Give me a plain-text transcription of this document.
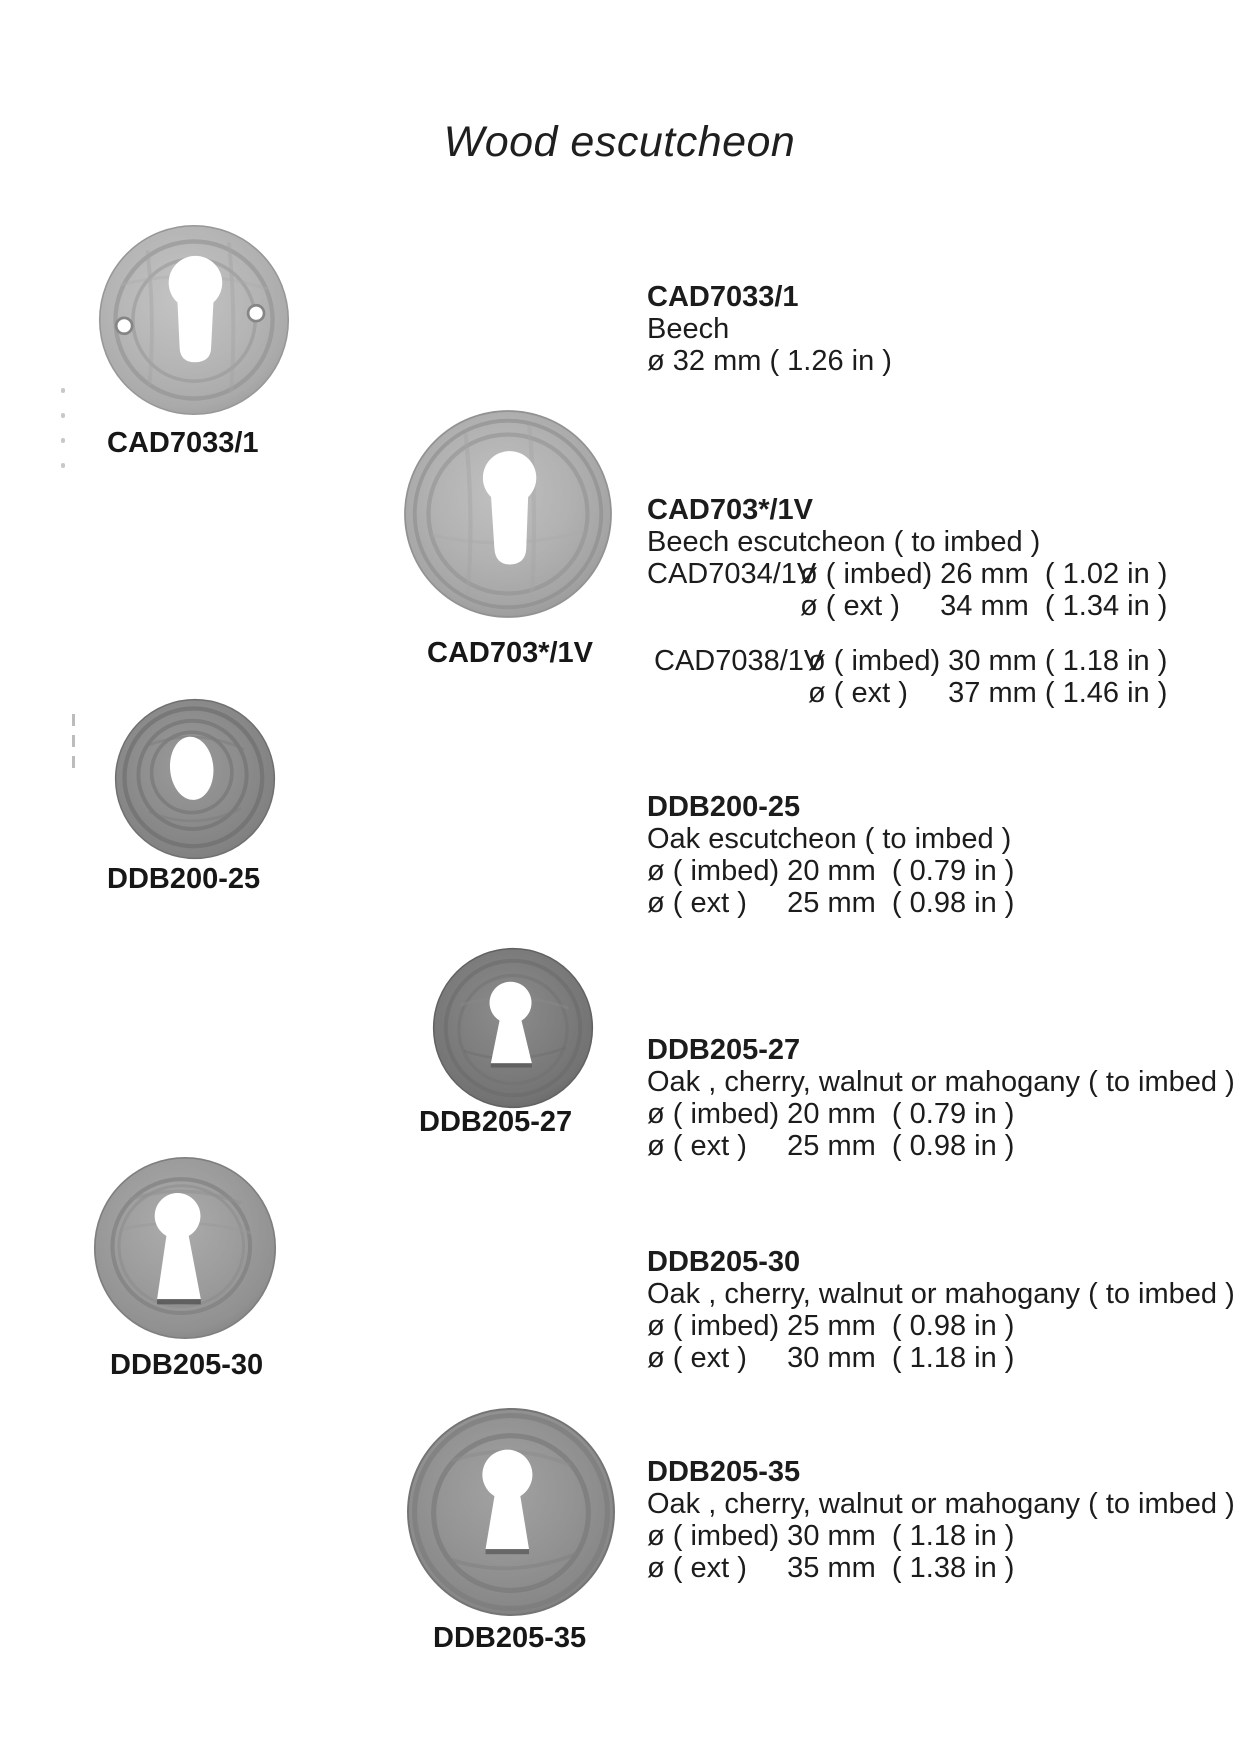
Wood escutcheon
CAD7033/1
CAD703*/1V
DDB200-25
DDB205-27
DDB205-30
DDB205-35
CAD7033/1
Beech
ø 32 mm ( 1.26 in )
CAD703*/1V
Beech escutcheon ( to imbed )
CAD7034/1V
ø ( imbed) 26 mm  ( 1.02 in )
ø ( ext )     34 mm  ( 1.34 in )
CAD7038/1V
ø ( imbed) 30 mm ( 1.18 in )
ø ( ext )     37 mm ( 1.46 in )
DDB200-25
Oak escutcheon ( to imbed )
ø ( imbed) 20 mm  ( 0.79 in )
ø ( ext )     25 mm  ( 0.98 in )
DDB205-27
Oak , cherry, walnut or mahogany ( to imbed )
ø ( imbed) 20 mm  ( 0.79 in )
ø ( ext )     25 mm  ( 0.98 in )
DDB205-30
Oak , cherry, walnut or mahogany ( to imbed )
ø ( imbed) 25 mm  ( 0.98 in )
ø ( ext )     30 mm  ( 1.18 in )
DDB205-35
Oak , cherry, walnut or mahogany ( to imbed )
ø ( imbed) 30 mm  ( 1.18 in )
ø ( ext )     35 mm  ( 1.38 in )
